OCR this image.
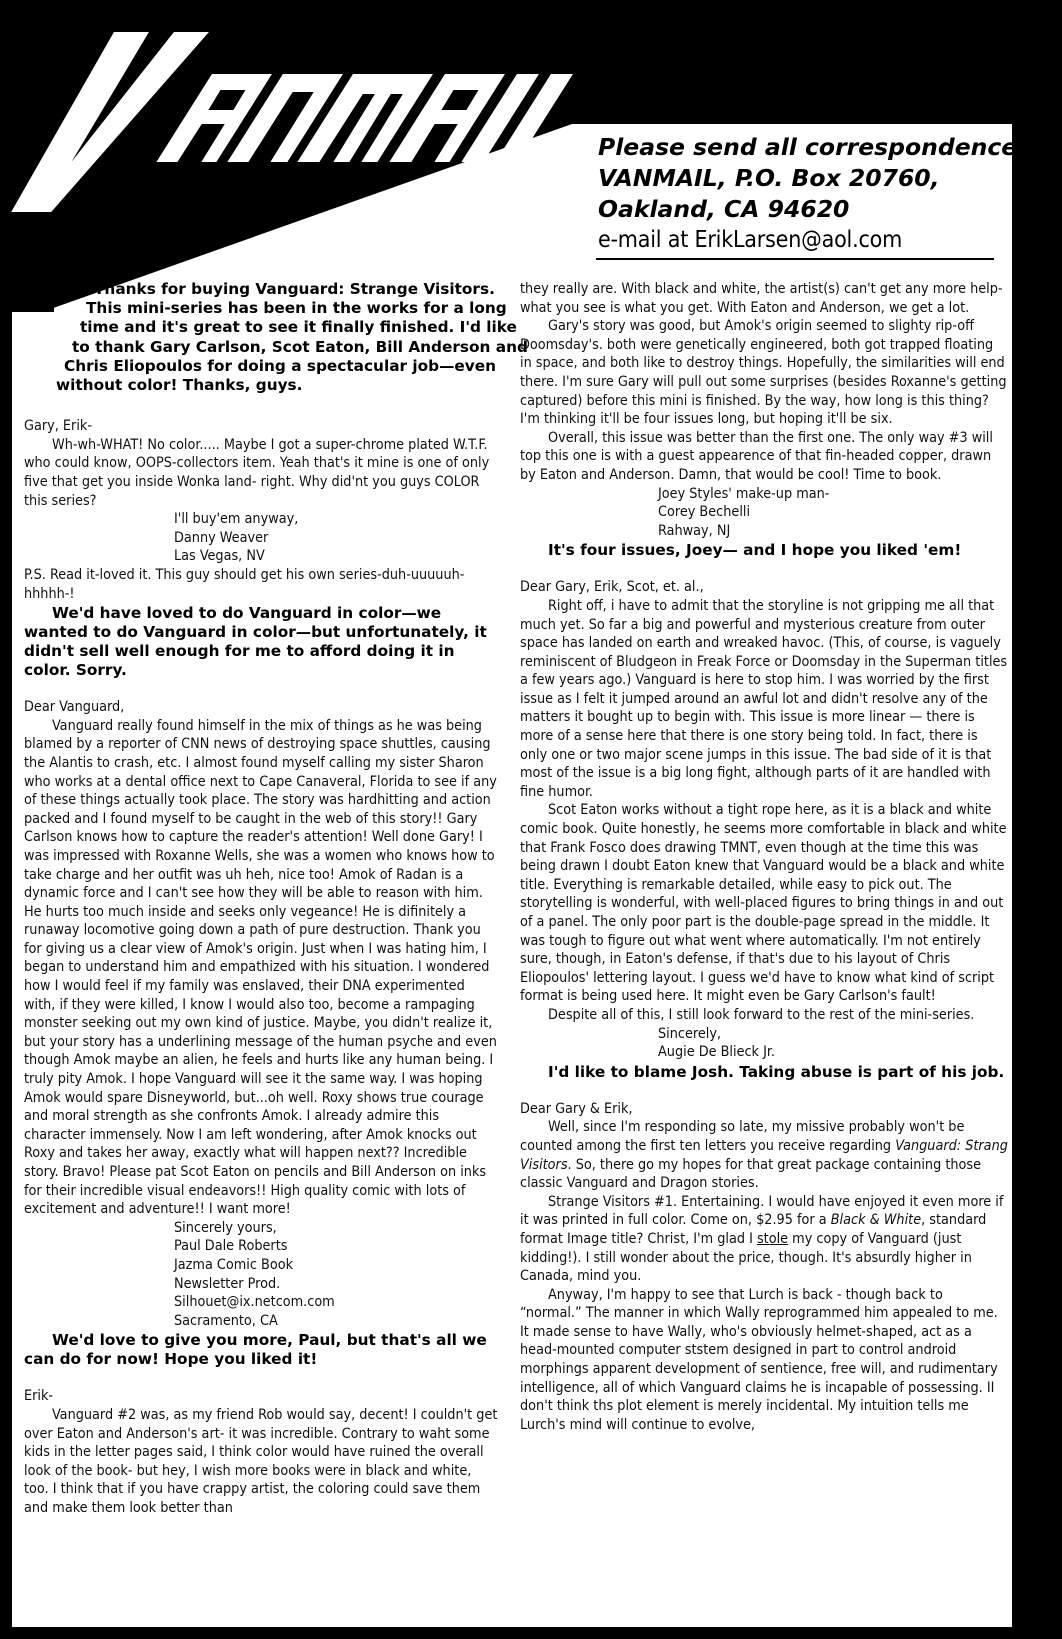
Please send all correspondence to:
VANMAIL, P.O. Box 20760,
Oakland, CA 94620
e-mail at ErikLarsen@aol.com

Thanks for buying Vanguard: Strange Visitors.

This mini-series has been in the works for a long

time and it's great to see it finally finished. I'd like

to thank Gary Carlson, Scot Eaton, Bill Anderson and

Chris Eliopoulos for doing a spectacular job—even

without color! Thanks, guys.

Gary, Erik-

Wh-wh-WHAT! No color..... Maybe I got a super-chrome plated W.T.F. who could know, OOPS-collectors item. Yeah that's it mine is one of only five that get you inside Wonka land- right. Why did'nt you guys COLOR this series?

I'll buy'em anyway,

Danny Weaver

Las Vegas, NV

P.S. Read it-loved it. This guy should get his own series-duh-uuuuuh-hhhhh-!

We'd have loved to do Vanguard in color—we wanted to do Vanguard in color—but unfortunately, it didn't sell well enough for me to afford doing it in color. Sorry.

Dear Vanguard,

Vanguard really found himself in the mix of things as he was being blamed by a reporter of CNN news of destroying space shuttles, causing the Alantis to crash, etc. I almost found myself calling my sister Sharon who works at a dental office next to Cape Canaveral, Florida to see if any of these things actually took place. The story was hardhitting and action packed and I found myself to be caught in the web of this story!! Gary Carlson knows how to capture the reader's attention! Well done Gary! I was impressed with Roxanne Wells, she was a women who knows how to take charge and her outfit was uh heh, nice too! Amok of Radan is a dynamic force and I can't see how they will be able to reason with him. He hurts too much inside and seeks only vegeance! He is difinitely a runaway locomotive going down a path of pure destruction. Thank you for giving us a clear view of Amok's origin. Just when I was hating him, I began to understand him and empathized with his situation. I wondered how I would feel if my family was enslaved, their DNA experimented with, if they were killed, I know I would also too, become a rampaging monster seeking out my own kind of justice. Maybe, you didn't realize it, but your story has a underlining message of the human psyche and even though Amok maybe an alien, he feels and hurts like any human being. I truly pity Amok. I hope Vanguard will see it the same way. I was hoping Amok would spare Disneyworld, but...oh well. Roxy shows true courage and moral strength as she confronts Amok. I already admire this character immensely. Now I am left wondering, after Amok knocks out Roxy and takes her away, exactly what will happen next?? Incredible story. Bravo! Please pat Scot Eaton on pencils and Bill Anderson on inks for their incredible visual endeavors!! High quality comic with lots of excitement and adventure!! I want more!

Sincerely yours,

Paul Dale Roberts

Jazma Comic Book

Newsletter Prod.

Silhouet@ix.netcom.com

Sacramento, CA

We'd love to give you more, Paul, but that's all we can do for now! Hope you liked it!

Erik-

Vanguard #2 was, as my friend Rob would say, decent! I couldn't get over Eaton and Anderson's art- it was incredible. Contrary to waht some kids in the letter pages said, I think color would have ruined the overall look of the book- but hey, I wish more books were in black and white, too. I think that if you have crappy artist, the coloring could save them and make them look better than

they really are. With black and white, the artist(s) can't get any more help- what you see is what you get. With Eaton and Anderson, we get a lot.

Gary's story was good, but Amok's origin seemed to slighty rip-off Doomsday's. both were genetically engineered, both got trapped floating in space, and both like to destroy things. Hopefully, the similarities will end there. I'm sure Gary will pull out some surprises (besides Roxanne's getting captured) before this mini is finished. By the way, how long is this thing? I'm thinking it'll be four issues long, but hoping it'll be six.

Overall, this issue was better than the first one. The only way #3 will top this one is with a guest appearence of that fin-headed copper, drawn by Eaton and Anderson. Damn, that would be cool! Time to book.

Joey Styles' make-up man-

Corey Bechelli

Rahway, NJ

It's four issues, Joey— and I hope you liked 'em!

Dear Gary, Erik, Scot, et. al.,

Right off, i have to admit that the storyline is not gripping me all that much yet. So far a big and powerful and mysterious creature from outer space has landed on earth and wreaked havoc. (This, of course, is vaguely reminiscent of Bludgeon in Freak Force or Doomsday in the Superman titles a few years ago.) Vanguard is here to stop him. I was worried by the first issue as I felt it jumped around an awful lot and didn't resolve any of the matters it bought up to begin with. This issue is more linear — there is more of a sense here that there is one story being told. In fact, there is only one or two major scene jumps in this issue. The bad side of it is that most of the issue is a big long fight, although parts of it are handled with fine humor.

Scot Eaton works without a tight rope here, as it is a black and white comic book. Quite honestly, he seems more comfortable in black and white that Frank Fosco does drawing TMNT, even though at the time this was being drawn I doubt Eaton knew that Vanguard would be a black and white title. Everything is remarkable detailed, while easy to pick out. The storytelling is wonderful, with well-placed figures to bring things in and out of a panel. The only poor part is the double-page spread in the middle. It was tough to figure out what went where automatically. I'm not entirely sure, though, in Eaton's defense, if that's due to his layout of Chris Eliopoulos' lettering layout. I guess we'd have to know what kind of script format is being used here. It might even be Gary Carlson's fault!

Despite all of this, I still look forward to the rest of the mini-series.

Sincerely,

Augie De Blieck Jr.

I'd like to blame Josh. Taking abuse is part of his job.

Dear Gary & Erik,

Well, since I'm responding so late, my missive probably won't be counted among the first ten letters you receive regarding Vanguard: Strang Visitors. So, there go my hopes for that great package containing those classic Vanguard and Dragon stories.

Strange Visitors #1. Entertaining. I would have enjoyed it even more if it was printed in full color. Come on, $2.95 for a Black & White, standard format Image title? Christ, I'm glad I stole my copy of Vanguard (just kidding!). I still wonder about the price, though. It's absurdly higher in Canada, mind you.

Anyway, I'm happy to see that Lurch is back - though back to “normal.” The manner in which Wally reprogrammed him appealed to me. It made sense to have Wally, who's obviously helmet-shaped, act as a head-mounted computer ststem designed in part to control android morphings apparent development of sentience, free will, and rudimentary intelligence, all of which Vanguard claims he is incapable of possessing. II don't think ths plot element is merely incidental. My intuition tells me Lurch's mind will continue to evolve,
